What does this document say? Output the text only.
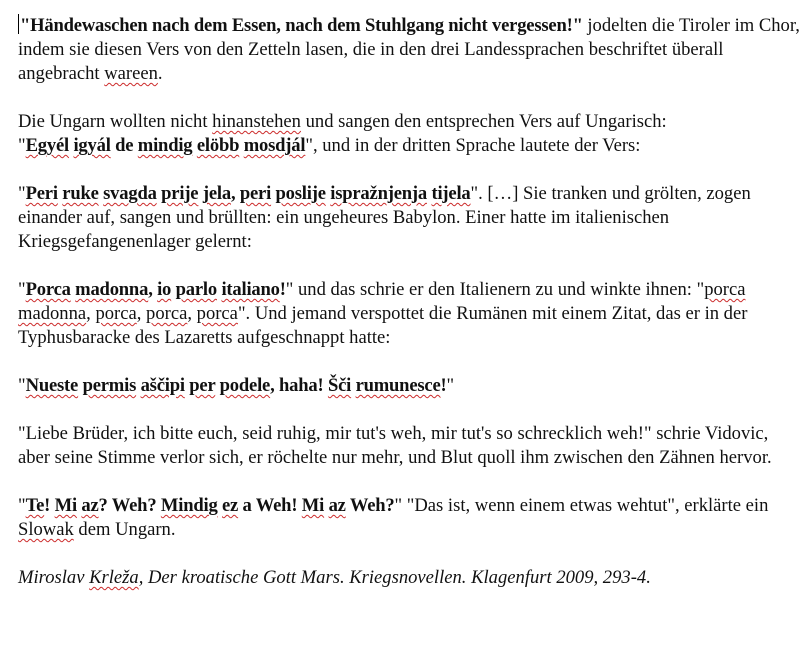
"Händewaschen nach dem Essen, nach dem Stuhlgang nicht vergessen!" jodelten die Tiroler im Chor, indem sie diesen Vers von den Zetteln lasen, die in den drei Landessprachen beschriftet überall angebracht wareen.

Die Ungarn wollten nicht hinanstehen und sangen den entsprechen Vers auf Ungarisch:
"Egyél igyál de mindig elöbb mosdjál", und in der dritten Sprache lautete der Vers:

"Peri ruke svagda prije jela, peri poslije ispražnjenja tijela". […] Sie tranken und grölten, zogen einander auf, sangen und brüllten: ein ungeheures Babylon. Einer hatte im italienischen Kriegsgefangenenlager gelernt:

"Porca madonna, io parlo italiano!" und das schrie er den Italienern zu und winkte ihnen: "porca madonna, porca, porca, porca". Und jemand verspottet die Rumänen mit einem Zitat, das er in der Typhusbaracke des Lazaretts aufgeschnappt hatte:

"Nueste permis aščipi per podele, haha! Šči rumunesce!"

"Liebe Brüder, ich bitte euch, seid ruhig, mir tut's weh, mir tut's so schrecklich weh!" schrie Vidovic, aber seine Stimme verlor sich, er röchelte nur mehr, und Blut quoll ihm zwischen den Zähnen hervor.

"Te! Mi az? Weh? Mindig ez a Weh! Mi az Weh?" "Das ist, wenn einem etwas wehtut", erklärte ein Slowak dem Ungarn.

Miroslav Krleža, Der kroatische Gott Mars. Kriegsnovellen. Klagenfurt 2009, 293-4.
